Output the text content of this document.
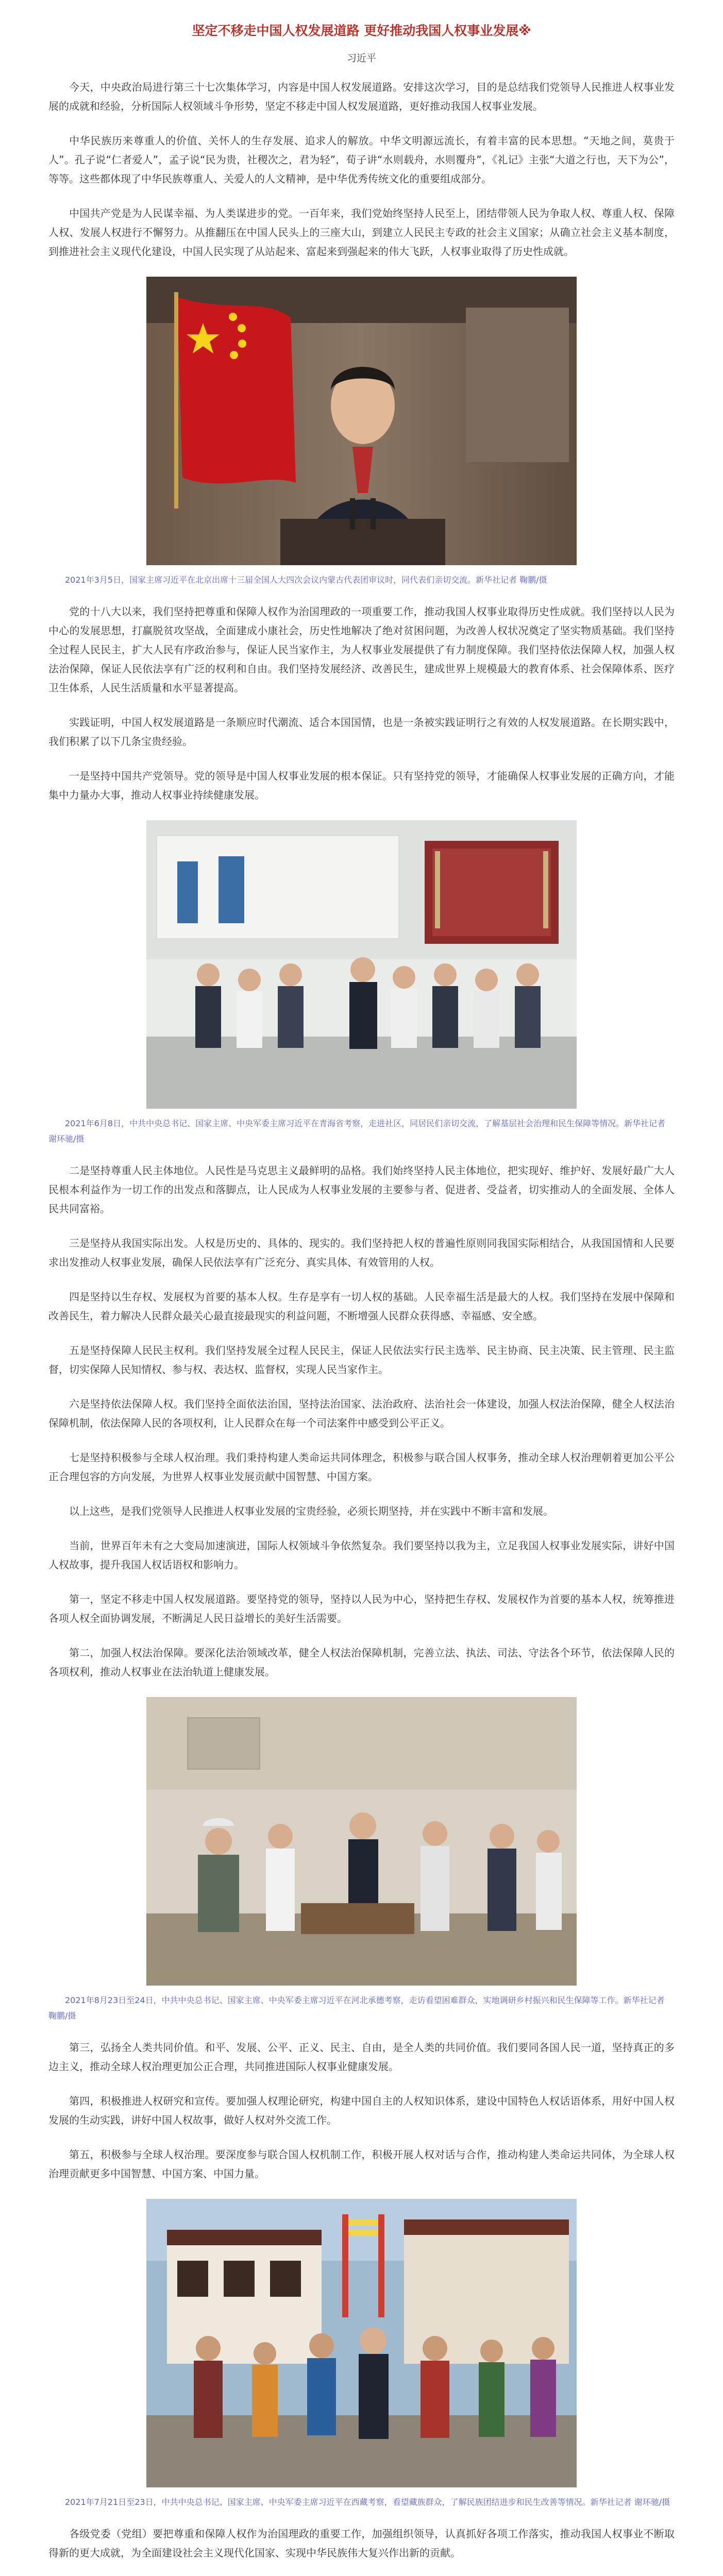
坚定不移走中国人权发展道路 更好推动我国人权事业发展※
习近平

今天，中央政治局进行第三十七次集体学习，内容是中国人权发展道路。安排这次学习，目的是总结我们党领导人民推进人权事业发展的成就和经验，分析国际人权领域斗争形势，坚定不移走中国人权发展道路，更好推动我国人权事业发展。

中华民族历来尊重人的价值、关怀人的生存发展、追求人的解放。中华文明源远流长，有着丰富的民本思想。“天地之间，莫贵于人”。孔子说“仁者爱人”，孟子说“民为贵，社稷次之，君为轻”，荀子讲“水则载舟，水则覆舟”，《礼记》主张“大道之行也，天下为公”，等等。这些都体现了中华民族尊重人、关爱人的人文精神，是中华优秀传统文化的重要组成部分。

中国共产党是为人民谋幸福、为人类谋进步的党。一百年来，我们党始终坚持人民至上，团结带领人民为争取人权、尊重人权、保障人权、发展人权进行不懈努力。从推翻压在中国人民头上的三座大山，到建立人民民主专政的社会主义国家；从确立社会主义基本制度，到推进社会主义现代化建设，中国人民实现了从站起来、富起来到强起来的伟大飞跃，人权事业取得了历史性成就。

2021年3月5日，国家主席习近平在北京出席十三届全国人大四次会议内蒙古代表团审议时，同代表们亲切交流。新华社记者 鞠鹏/摄

党的十八大以来，我们坚持把尊重和保障人权作为治国理政的一项重要工作，推动我国人权事业取得历史性成就。我们坚持以人民为中心的发展思想，打赢脱贫攻坚战，全面建成小康社会，历史性地解决了绝对贫困问题，为改善人权状况奠定了坚实物质基础。我们坚持全过程人民民主，扩大人民有序政治参与，保证人民当家作主，为人权事业发展提供了有力制度保障。我们坚持依法保障人权，加强人权法治保障，保证人民依法享有广泛的权利和自由。我们坚持发展经济、改善民生，建成世界上规模最大的教育体系、社会保障体系、医疗卫生体系，人民生活质量和水平显著提高。

实践证明，中国人权发展道路是一条顺应时代潮流、适合本国国情，也是一条被实践证明行之有效的人权发展道路。在长期实践中，我们积累了以下几条宝贵经验。

一是坚持中国共产党领导。党的领导是中国人权事业发展的根本保证。只有坚持党的领导，才能确保人权事业发展的正确方向，才能集中力量办大事，推动人权事业持续健康发展。

2021年6月8日，中共中央总书记、国家主席、中央军委主席习近平在青海省考察，走进社区，同居民们亲切交流，了解基层社会治理和民生保障等情况。新华社记者 谢环驰/摄

二是坚持尊重人民主体地位。人民性是马克思主义最鲜明的品格。我们始终坚持人民主体地位，把实现好、维护好、发展好最广大人民根本利益作为一切工作的出发点和落脚点，让人民成为人权事业发展的主要参与者、促进者、受益者，切实推动人的全面发展、全体人民共同富裕。

三是坚持从我国实际出发。人权是历史的、具体的、现实的。我们坚持把人权的普遍性原则同我国实际相结合，从我国国情和人民要求出发推动人权事业发展，确保人民依法享有广泛充分、真实具体、有效管用的人权。

四是坚持以生存权、发展权为首要的基本人权。生存是享有一切人权的基础。人民幸福生活是最大的人权。我们坚持在发展中保障和改善民生，着力解决人民群众最关心最直接最现实的利益问题，不断增强人民群众获得感、幸福感、安全感。

五是坚持保障人民民主权利。我们坚持发展全过程人民民主，保证人民依法实行民主选举、民主协商、民主决策、民主管理、民主监督，切实保障人民知情权、参与权、表达权、监督权，实现人民当家作主。

六是坚持依法保障人权。我们坚持全面依法治国，坚持法治国家、法治政府、法治社会一体建设，加强人权法治保障，健全人权法治保障机制，依法保障人民的各项权利，让人民群众在每一个司法案件中感受到公平正义。

七是坚持积极参与全球人权治理。我们秉持构建人类命运共同体理念，积极参与联合国人权事务，推动全球人权治理朝着更加公平公正合理包容的方向发展，为世界人权事业发展贡献中国智慧、中国方案。

以上这些，是我们党领导人民推进人权事业发展的宝贵经验，必须长期坚持，并在实践中不断丰富和发展。

当前，世界百年未有之大变局加速演进，国际人权领域斗争依然复杂。我们要坚持以我为主，立足我国人权事业发展实际，讲好中国人权故事，提升我国人权话语权和影响力。

第一，坚定不移走中国人权发展道路。要坚持党的领导，坚持以人民为中心，坚持把生存权、发展权作为首要的基本人权，统筹推进各项人权全面协调发展，不断满足人民日益增长的美好生活需要。

第二，加强人权法治保障。要深化法治领域改革，健全人权法治保障机制，完善立法、执法、司法、守法各个环节，依法保障人民的各项权利，推动人权事业在法治轨道上健康发展。

2021年8月23日至24日，中共中央总书记、国家主席、中央军委主席习近平在河北承德考察，走访看望困难群众，实地调研乡村振兴和民生保障等工作。新华社记者 鞠鹏/摄

第三，弘扬全人类共同价值。和平、发展、公平、正义、民主、自由，是全人类的共同价值。我们要同各国人民一道，坚持真正的多边主义，推动全球人权治理更加公正合理，共同推进国际人权事业健康发展。

第四，积极推进人权研究和宣传。要加强人权理论研究，构建中国自主的人权知识体系，建设中国特色人权话语体系，用好中国人权发展的生动实践，讲好中国人权故事，做好人权对外交流工作。

第五，积极参与全球人权治理。要深度参与联合国人权机制工作，积极开展人权对话与合作，推动构建人类命运共同体，为全球人权治理贡献更多中国智慧、中国方案、中国力量。

2021年7月21日至23日，中共中央总书记、国家主席、中央军委主席习近平在西藏考察，看望藏族群众，了解民族团结进步和民生改善等情况。新华社记者 谢环驰/摄

各级党委（党组）要把尊重和保障人权作为治国理政的重要工作，加强组织领导，认真抓好各项工作落实，推动我国人权事业不断取得新的更大成就，为全面建设社会主义现代化国家、实现中华民族伟大复兴作出新的贡献。
